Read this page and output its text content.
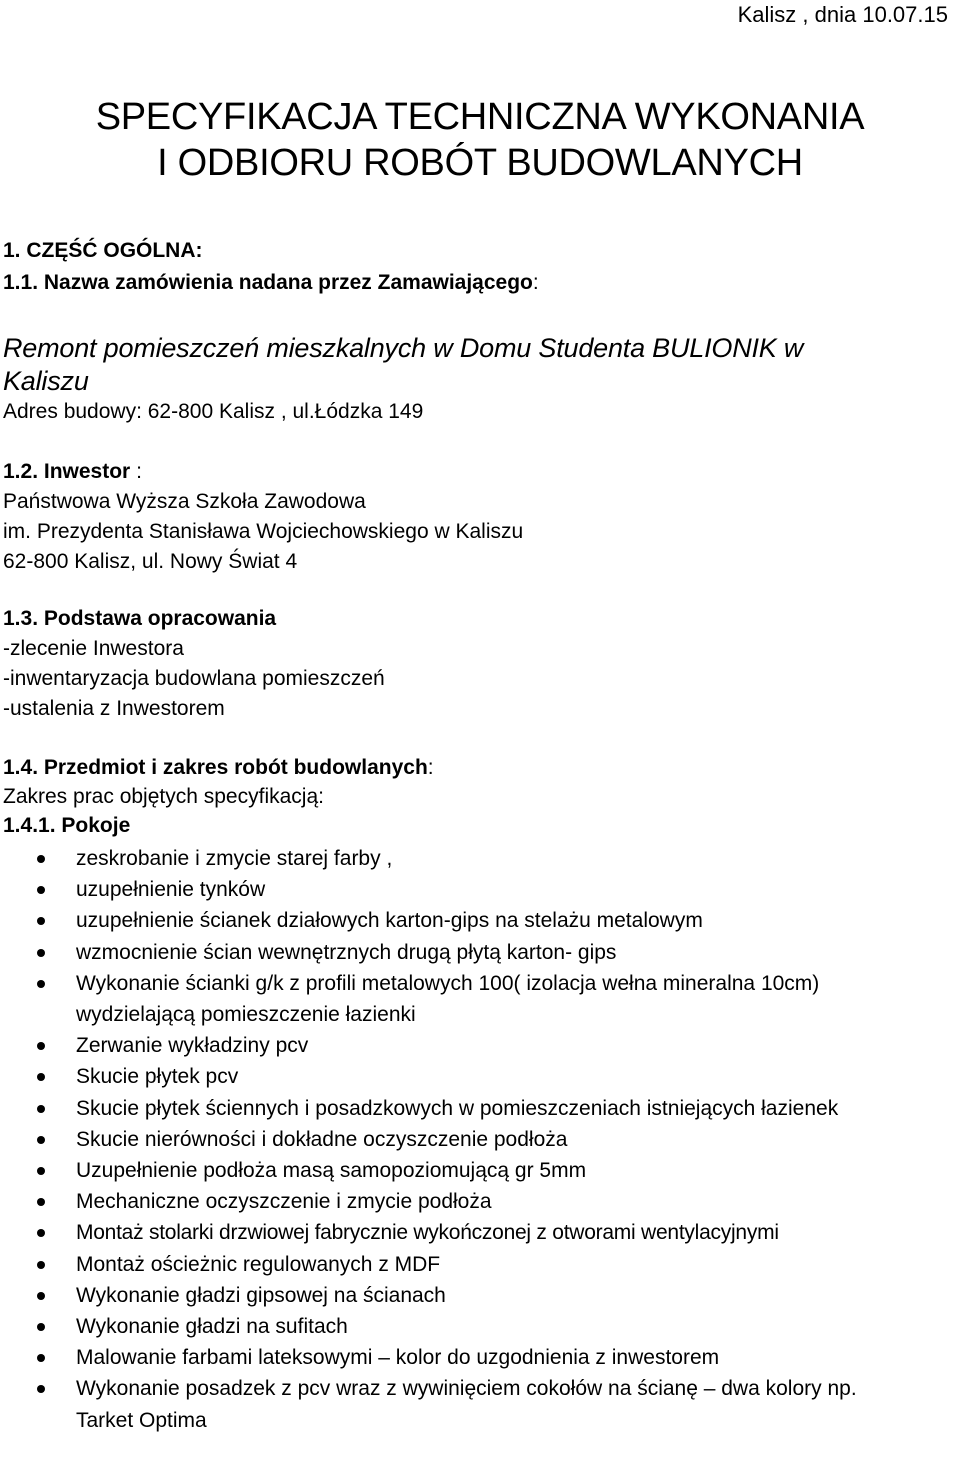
Kalisz , dnia 10.07.15
SPECYFIKACJA TECHNICZNA WYKONANIA
I ODBIORU ROBÓT BUDOWLANYCH
1. CZĘŚĆ OGÓLNA:
1.1. Nazwa zamówienia nadana przez Zamawiającego:
Remont pomieszczeń mieszkalnych w Domu Studenta BULIONIK w
Kaliszu
Adres budowy: 62-800 Kalisz , ul.Łódzka 149
1.2. Inwestor :
Państwowa Wyższa Szkoła Zawodowa
im. Prezydenta Stanisława Wojciechowskiego w Kaliszu
62-800 Kalisz, ul. Nowy Świat 4
1.3. Podstawa opracowania
-zlecenie Inwestora
-inwentaryzacja budowlana pomieszczeń
-ustalenia z Inwestorem
1.4. Przedmiot i zakres robót budowlanych:
Zakres prac objętych specyfikacją:
1.4.1. Pokoje
zeskrobanie i zmycie starej farby ,
uzupełnienie tynków
uzupełnienie ścianek działowych karton-gips na stelażu metalowym
wzmocnienie ścian wewnętrznych drugą płytą karton- gips
Wykonanie ścianki g/k z profili metalowych 100( izolacja wełna mineralna 10cm) wydzielającą pomieszczenie łazienki
Zerwanie wykładziny pcv
Skucie płytek pcv
Skucie płytek ściennych i posadzkowych w pomieszczeniach istniejących łazienek
Skucie nierówności i dokładne oczyszczenie podłoża
Uzupełnienie podłoża masą samopoziomującą gr 5mm
Mechaniczne oczyszczenie i zmycie podłoża
Montaż stolarki drzwiowej fabrycznie wykończonej z otworami wentylacyjnymi
Montaż ościeżnic regulowanych z MDF
Wykonanie gładzi gipsowej na ścianach
Wykonanie gładzi na sufitach
Malowanie farbami lateksowymi – kolor do uzgodnienia z inwestorem
Wykonanie posadzek z pcv wraz z wywinięciem cokołów na ścianę – dwa kolory np. Tarket Optima
